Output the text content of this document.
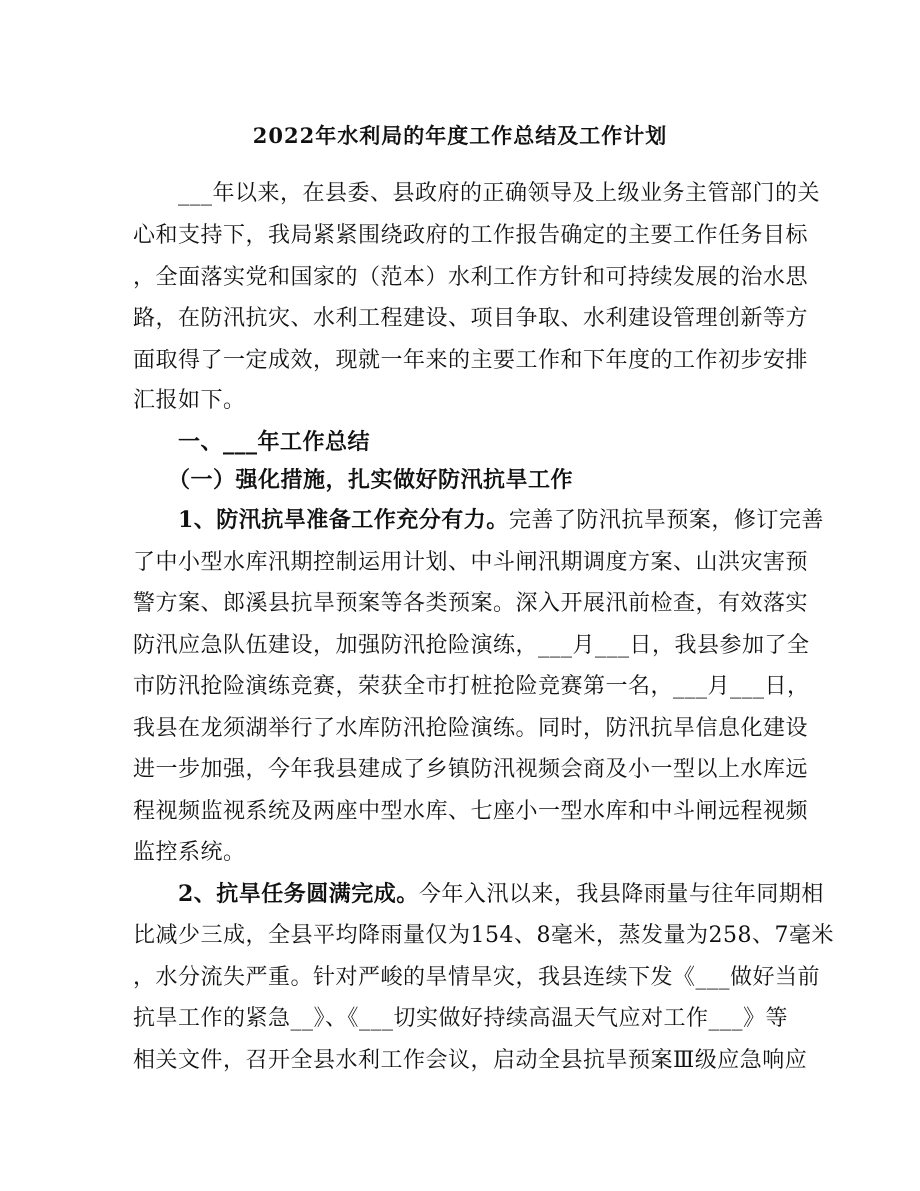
2022年水利局的年度工作总结及工作计划
___年以来，在县委、县政府的正确领导及上级业务主管部门的关
心和支持下，我局紧紧围绕政府的工作报告确定的主要工作任务目标
，全面落实党和国家的（范本）水利工作方针和可持续发展的治水思
路，在防汛抗灾、水利工程建设、项目争取、水利建设管理创新等方
面取得了一定成效，现就一年来的主要工作和下年度的工作初步安排
汇报如下。
一、___年工作总结
（一）强化措施，扎实做好防汛抗旱工作
1、防汛抗旱准备工作充分有力。完善了防汛抗旱预案，修订完善
了中小型水库汛期控制运用计划、中斗闸汛期调度方案、山洪灾害预
警方案、郎溪县抗旱预案等各类预案。深入开展汛前检查，有效落实
防汛应急队伍建设，加强防汛抢险演练，___月___日，我县参加了全
市防汛抢险演练竞赛，荣获全市打桩抢险竞赛第一名，___月___日，
我县在龙须湖举行了水库防汛抢险演练。同时，防汛抗旱信息化建设
进一步加强，今年我县建成了乡镇防汛视频会商及小一型以上水库远
程视频监视系统及两座中型水库、七座小一型水库和中斗闸远程视频
监控系统。
2、抗旱任务圆满完成。今年入汛以来，我县降雨量与往年同期相
比减少三成，全县平均降雨量仅为154、8毫米，蒸发量为258、7毫米
，水分流失严重。针对严峻的旱情旱灾，我县连续下发《___做好当前
抗旱工作的紧急__》、《___切实做好持续高温天气应对工作___》等
相关文件，召开全县水利工作会议，启动全县抗旱预案Ⅲ级应急响应
